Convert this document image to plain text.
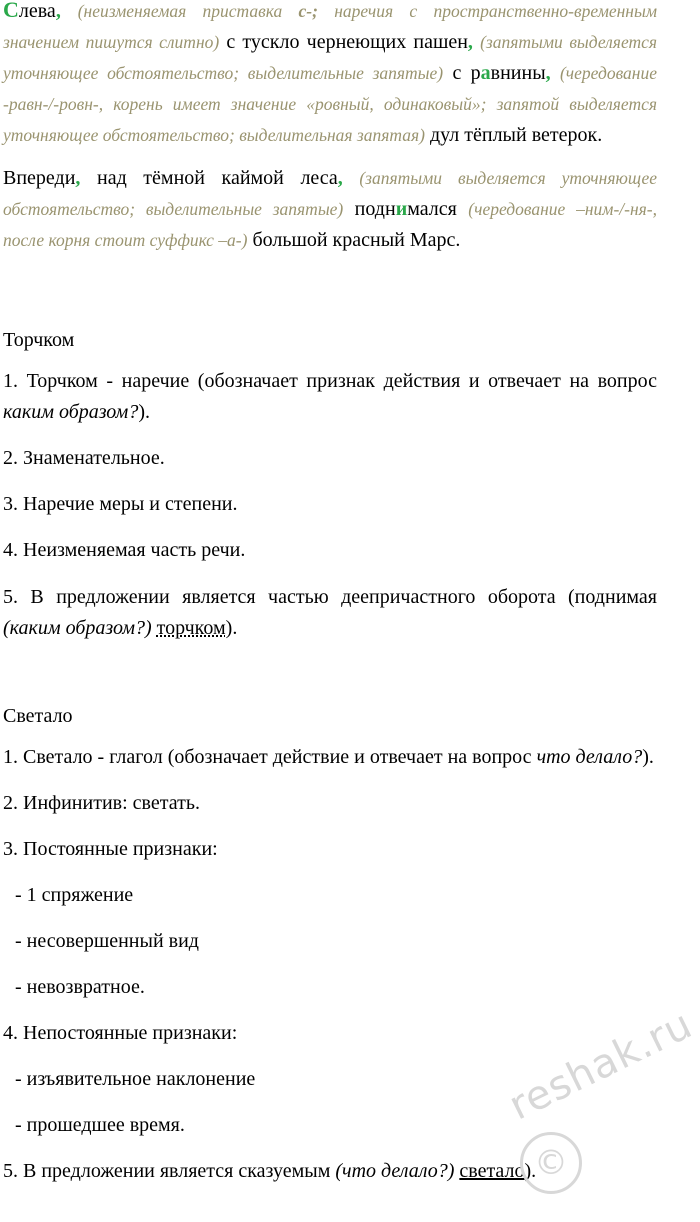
Слева, (неизменяемая приставка с-; наречия с пространственно-временным значением пишутся слитно) с тускло чернеющих пашен, (запятыми выделяется уточняющее обстоятельство; выделительные запятые) с равнины, (чередование -равн-/-ровн-, корень имеет значение «ровный, одинаковый»; запятой выделяется уточняющее обстоятельство; выделительная запятая) дул тёплый ветерок.

Впереди, над тёмной каймой леса, (запятыми выделяется уточняющее обстоятельство; выделительные запятые) поднимался (чередование –ним-/-ня-, после корня стоит суффикс –а-) большой красный Марс.

Торчком

1. Торчком - наречие (обозначает признак действия и отвечает на вопрос каким образом?).

2. Знаменательное.

3. Наречие меры и степени.

4. Неизменяемая часть речи.

5. В предложении является частью деепричастного оборота (поднимая (каким образом?) торчком).

Светало

1. Светало - глагол (обозначает действие и отвечает на вопрос что делало?).

2. Инфинитив: светать.

3. Постоянные признаки:

- 1 спряжение

- несовершенный вид

- невозвратное.

4. Непостоянные признаки:

- изъявительное наклонение

- прошедшее время.

5. В предложении является сказуемым (что делало?) светало).

reshak.ru
©
